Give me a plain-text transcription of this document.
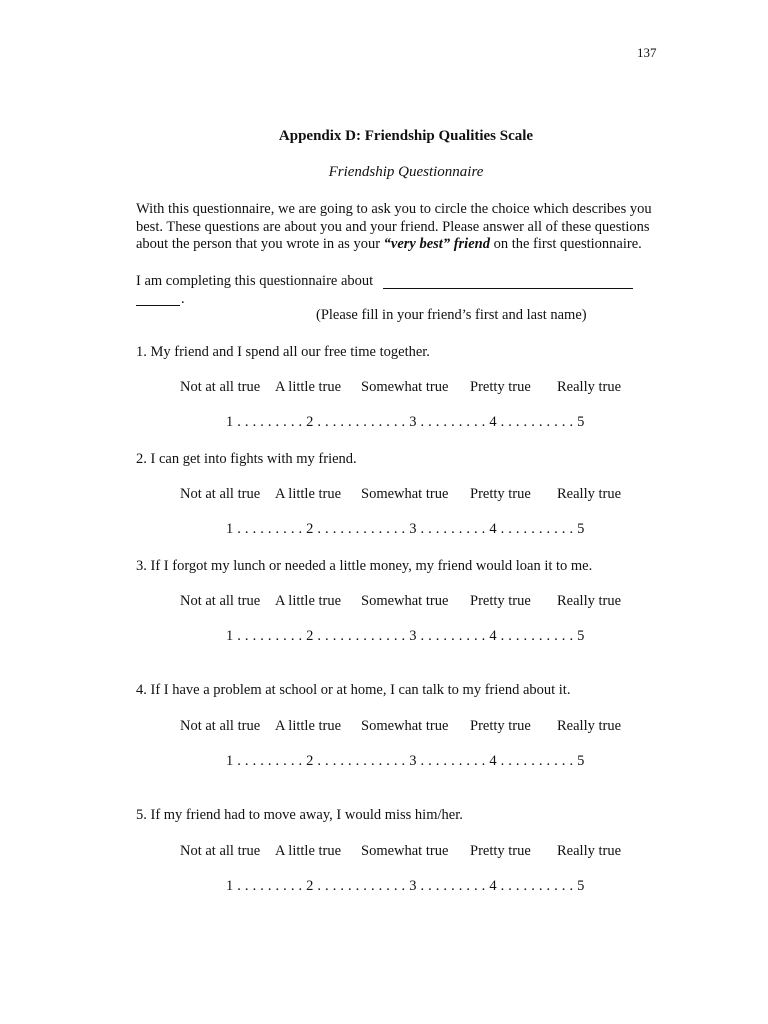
137
Appendix D: Friendship Qualities Scale
Friendship Questionnaire
With this questionnaire, we are going to ask you to circle the choice which describes you best. These questions are about you and your friend. Please answer all of these questions about the person that you wrote in as your “very best” friend on the first questionnaire.
I am completing this questionnaire about
.
(Please fill in your friend’s first and last name)
1. My friend and I spend all our free time together.
Not at all true A little true Somewhat true Pretty true Really true
1 . . . . . . . . . 2 . . . . . . . . . . . . 3 . . . . . . . . . 4 . . . . . . . . . . 5
2. I can get into fights with my friend.
Not at all true A little true Somewhat true Pretty true Really true
1 . . . . . . . . . 2 . . . . . . . . . . . . 3 . . . . . . . . . 4 . . . . . . . . . . 5
3. If I forgot my lunch or needed a little money, my friend would loan it to me.
Not at all true A little true Somewhat true Pretty true Really true
1 . . . . . . . . . 2 . . . . . . . . . . . . 3 . . . . . . . . . 4 . . . . . . . . . . 5
4. If I have a problem at school or at home, I can talk to my friend about it.
Not at all true A little true Somewhat true Pretty true Really true
1 . . . . . . . . . 2 . . . . . . . . . . . . 3 . . . . . . . . . 4 . . . . . . . . . . 5
5. If my friend had to move away, I would miss him/her.
Not at all true A little true Somewhat true Pretty true Really true
1 . . . . . . . . . 2 . . . . . . . . . . . . 3 . . . . . . . . . 4 . . . . . . . . . . 5
